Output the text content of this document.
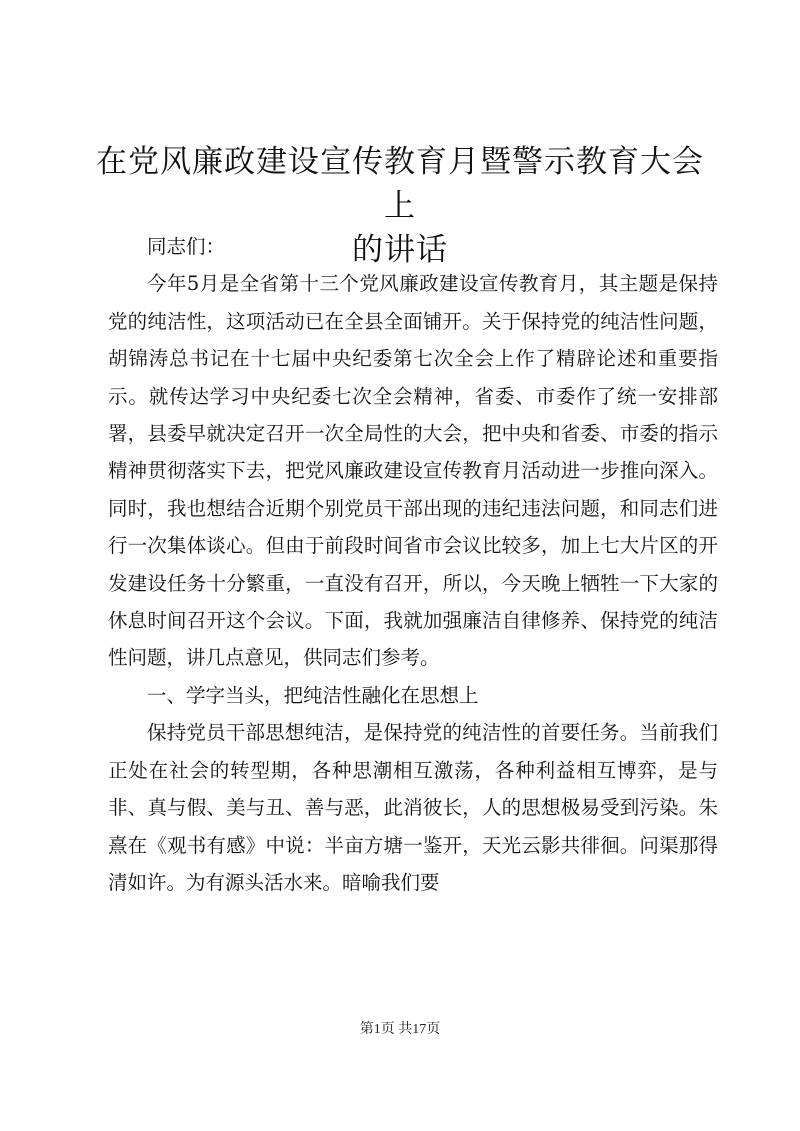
在党风廉政建设宣传教育月暨警示教育大会上
的讲话

同志们：

今年5月是全省第十三个党风廉政建设宣传教育月，其主题是保持党的纯洁性，这项活动已在全县全面铺开。关于保持党的纯洁性问题，胡锦涛总书记在十七届中央纪委第七次全会上作了精辟论述和重要指示。就传达学习中央纪委七次全会精神，省委、市委作了统一安排部署，县委早就决定召开一次全局性的大会，把中央和省委、市委的指示精神贯彻落实下去，把党风廉政建设宣传教育月活动进一步推向深入。同时，我也想结合近期个别党员干部出现的违纪违法问题，和同志们进行一次集体谈心。但由于前段时间省市会议比较多，加上七大片区的开发建设任务十分繁重，一直没有召开，所以，今天晚上牺牲一下大家的休息时间召开这个会议。下面，我就加强廉洁自律修养、保持党的纯洁性问题，讲几点意见，供同志们参考。

一、学字当头，把纯洁性融化在思想上

保持党员干部思想纯洁，是保持党的纯洁性的首要任务。当前我们正处在社会的转型期，各种思潮相互激荡，各种利益相互博弈，是与非、真与假、美与丑、善与恶，此消彼长，人的思想极易受到污染。朱熹在《观书有感》中说：半亩方塘一鉴开，天光云影共徘徊。问渠那得清如许。为有源头活水来。暗喻我们要

第1页 共17页
